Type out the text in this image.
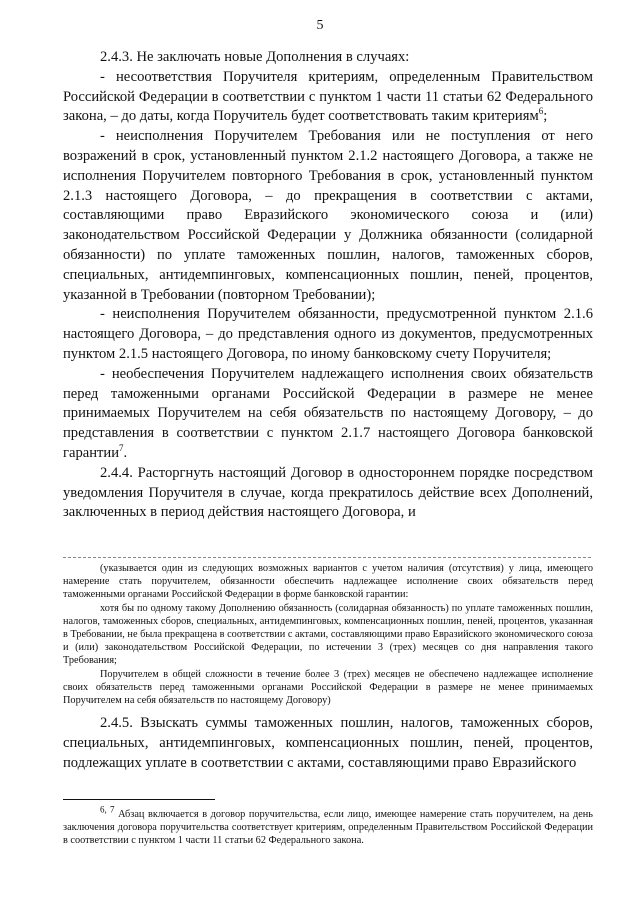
5

2.4.3. Не заключать новые Дополнения в случаях:

- несоответствия Поручителя критериям, определенным Правительством Российской Федерации в соответствии с пунктом 1 части 11 статьи 62 Федерального закона, – до даты, когда Поручитель будет соответствовать таким критериям$^6$;

- неисполнения Поручителем Требования или не поступления от него возражений в срок, установленный пунктом 2.1.2 настоящего Договора, а также не исполнения Поручителем повторного Требования в срок, установленный пунктом 2.1.3 настоящего Договора, – до прекращения в соответствии с актами, составляющими право Евразийского экономического союза и (или) законодательством Российской Федерации у Должника обязанности (солидарной обязанности) по уплате таможенных пошлин, налогов, таможенных сборов, специальных, антидемпинговых, компенсационных пошлин, пеней, процентов, указанной в Требовании (повторном Требовании);

- неисполнения Поручителем обязанности, предусмотренной пунктом 2.1.6 настоящего Договора, – до представления одного из документов, предусмотренных пунктом 2.1.5 настоящего Договора, по иному банковскому счету Поручителя;

- необеспечения Поручителем надлежащего исполнения своих обязательств перед таможенными органами Российской Федерации в размере не менее принимаемых Поручителем на себя обязательств по настоящему Договору, – до представления в соответствии с пунктом 2.1.7 настоящего Договора банковской гарантии$^7$.

2.4.4. Расторгнуть настоящий Договор в одностороннем порядке посредством уведомления Поручителя в случае, когда прекратилось действие всех Дополнений, заключенных в период действия настоящего Договора, и

(указывается один из следующих возможных вариантов с учетом наличия (отсутствия) у лица, имеющего намерение стать поручителем, обязанности обеспечить надлежащее исполнение своих обязательств перед таможенными органами Российской Федерации в форме банковской гарантии:

хотя бы по одному такому Дополнению обязанность (солидарная обязанность) по уплате таможенных пошлин, налогов, таможенных сборов, специальных, антидемпинговых, компенсационных пошлин, пеней, процентов, указанная в Требовании, не была прекращена в соответствии с актами, составляющими право Евразийского экономического союза и (или) законодательством Российской Федерации, по истечении 3 (трех) месяцев со дня направления такого Требования;

Поручителем в общей сложности в течение более 3 (трех) месяцев не обеспечено надлежащее исполнение своих обязательств перед таможенными органами Российской Федерации в размере не менее принимаемых Поручителем на себя обязательств по настоящему Договору)

2.4.5. Взыскать суммы таможенных пошлин, налогов, таможенных сборов, специальных, антидемпинговых, компенсационных пошлин, пеней, процентов, подлежащих уплате в соответствии с актами, составляющими право Евразийского

$^{6, 7}$ Абзац включается в договор поручительства, если лицо, имеющее намерение стать поручителем, на день заключения договора поручительства соответствует критериям, определенным Правительством Российской Федерации в соответствии с пунктом 1 части 11 статьи 62 Федерального закона.
